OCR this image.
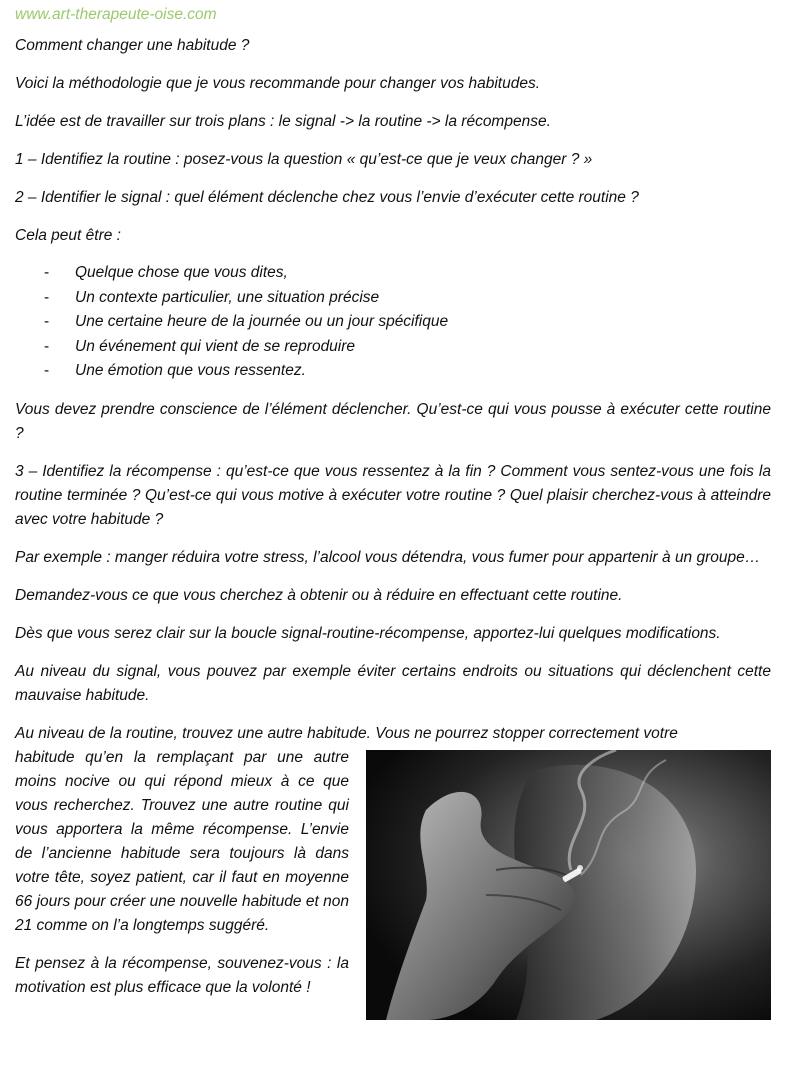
www.art-therapeute-oise.com

Comment changer une habitude ?

Voici la méthodologie que je vous recommande pour changer vos habitudes.

L’idée est de travailler sur trois plans : le signal -> la routine -> la récompense.

1 – Identifiez la routine : posez-vous la question « qu’est-ce que je veux changer ? »

2 – Identifier le signal : quel élément déclenche chez vous l’envie d’exécuter cette routine ?

Cela peut être :

- Quelque chose que vous dites,
- Un contexte particulier, une situation précise
- Une certaine heure de la journée ou un jour spécifique
- Un événement qui vient de se reproduire
- Une émotion que vous ressentez.

Vous devez prendre conscience de l’élément déclencher. Qu’est-ce qui vous pousse à exécuter cette routine ?

3 – Identifiez la récompense : qu’est-ce que vous ressentez à la fin ? Comment vous sentez-vous une fois la routine terminée ? Qu’est-ce qui vous motive à exécuter votre routine ? Quel plaisir cherchez-vous à atteindre avec votre habitude ?

Par exemple : manger réduira votre stress, l’alcool vous détendra, vous fumer pour appartenir à un groupe…

Demandez-vous ce que vous cherchez à obtenir ou à réduire en effectuant cette routine.

Dès que vous serez clair sur la boucle signal-routine-récompense, apportez-lui quelques modifications.

Au niveau du signal, vous pouvez par exemple éviter certains endroits ou situations qui déclenchent cette mauvaise habitude.

Au niveau de la routine, trouvez une autre habitude. Vous ne pourrez stopper correctement votre

habitude qu’en la remplaçant par une autre moins nocive ou qui répond mieux à ce que vous recherchez. Trouvez une autre routine qui vous apportera la même récompense. L’envie de l’ancienne habitude sera toujours là dans votre tête, soyez patient, car il faut en moyenne 66 jours pour créer une nouvelle habitude et non 21 comme on l’a longtemps suggéré.

Et pensez à la récompense, souvenez-vous : la motivation est plus efficace que la volonté !
